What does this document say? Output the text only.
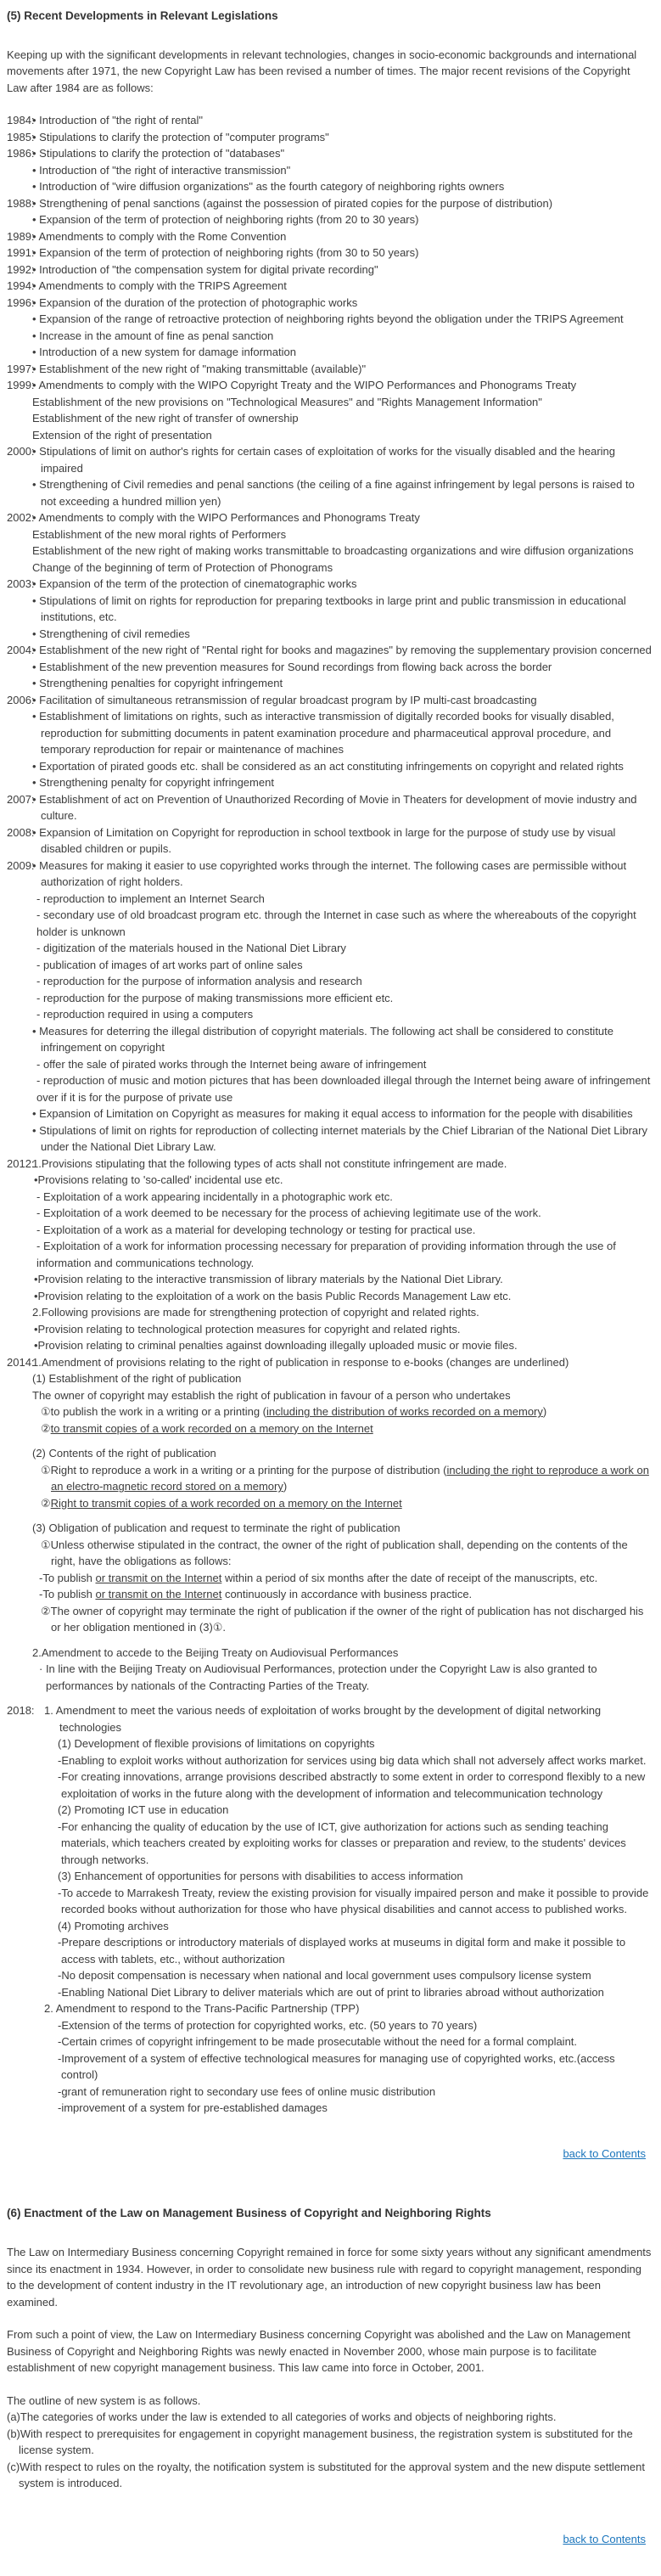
(5) Recent Developments in Relevant Legislations

Keeping up with the significant developments in relevant technologies, changes in socio-economic backgrounds and international movements after 1971, the new Copyright Law has been revised a number of times. The major recent revisions of the Copyright Law after 1984 are as follows:

1984:
• Introduction of "the right of rental"
1985:
• Stipulations to clarify the protection of "computer programs"
1986:
• Stipulations to clarify the protection of "databases"
• Introduction of "the right of interactive transmission"
• Introduction of "wire diffusion organizations" as the fourth category of neighboring rights owners
1988:
• Strengthening of penal sanctions (against the possession of pirated copies for the purpose of distribution)
• Expansion of the term of protection of neighboring rights (from 20 to 30 years)
1989:
• Amendments to comply with the Rome Convention
1991:
• Expansion of the term of protection of neighboring rights (from 30 to 50 years)
1992:
• Introduction of "the compensation system for digital private recording"
1994:
• Amendments to comply with the TRIPS Agreement
1996:
• Expansion of the duration of the protection of photographic works
• Expansion of the range of retroactive protection of neighboring rights beyond the obligation under the TRIPS Agreement
• Increase in the amount of fine as penal sanction
• Introduction of a new system for damage information
1997:
• Establishment of the new right of "making transmittable (available)"
1999:
• Amendments to comply with the WIPO Copyright Treaty and the WIPO Performances and Phonograms Treaty
Establishment of the new provisions on "Technological Measures" and "Rights Management Information"
Establishment of the new right of transfer of ownership
Extension of the right of presentation
2000:
• Stipulations of limit on author's rights for certain cases of exploitation of works for the visually disabled and the hearing impaired
• Strengthening of Civil remedies and penal sanctions (the ceiling of a fine against infringement by legal persons is raised to not exceeding a hundred million yen)
2002:
• Amendments to comply with the WIPO Performances and Phonograms Treaty
Establishment of the new moral rights of Performers
Establishment of the new right of making works transmittable to broadcasting organizations and wire diffusion organizations
Change of the beginning of term of Protection of Phonograms
2003:
• Expansion of the term of the protection of cinematographic works
• Stipulations of limit on rights for reproduction for preparing textbooks in large print and public transmission in educational institutions, etc.
• Strengthening of civil remedies
2004:
• Establishment of the new right of "Rental right for books and magazines" by removing the supplementary provision concerned
• Establishment of the new prevention measures for Sound recordings from flowing back across the border
• Strengthening penalties for copyright infringement
2006:
• Facilitation of simultaneous retransmission of regular broadcast program by IP multi-cast broadcasting
• Establishment of limitations on rights, such as interactive transmission of digitally recorded books for visually disabled, reproduction for submitting documents in patent examination procedure and pharmaceutical approval procedure, and temporary reproduction for repair or maintenance of machines
• Exportation of pirated goods etc. shall be considered as an act constituting infringements on copyright and related rights
• Strengthening penalty for copyright infringement
2007:
• Establishment of act on Prevention of Unauthorized Recording of Movie in Theaters for development of movie industry and culture.
2008:
• Expansion of Limitation on Copyright for reproduction in school textbook in large for the purpose of study use by visual disabled children or pupils.
2009:
• Measures for making it easier to use copyrighted works through the internet. The following cases are permissible without authorization of right holders.
- reproduction to implement an Internet Search
- secondary use of old broadcast program etc. through the Internet in case such as where the whereabouts of the copyright holder is unknown
- digitization of the materials housed in the National Diet Library
- publication of images of art works part of online sales
- reproduction for the purpose of information analysis and research
- reproduction for the purpose of making transmissions more efficient etc.
- reproduction required in using a computers
• Measures for deterring the illegal distribution of copyright materials. The following act shall be considered to constitute infringement on copyright
- offer the sale of pirated works through the Internet being aware of infringement
- reproduction of music and motion pictures that has been downloaded illegal through the Internet being aware of infringement over if it is for the purpose of private use
• Expansion of Limitation on Copyright as measures for making it equal access to information for the people with disabilities
• Stipulations of limit on rights for reproduction of collecting internet materials by the Chief Librarian of the National Diet Library under the National Diet Library Law.
2012:
1.Provisions stipulating that the following types of acts shall not constitute infringement are made.
•Provisions relating to 'so-called' incidental use etc.
- Exploitation of a work appearing incidentally in a photographic work etc.
- Exploitation of a work deemed to be necessary for the process of achieving legitimate use of the work.
- Exploitation of a work as a material for developing technology or testing for practical use.
- Exploitation of a work for information processing necessary for preparation of providing information through the use of information and communications technology.
•Provision relating to the interactive transmission of library materials by the National Diet Library.
•Provision relating to the exploitation of a work on the basis Public Records Management Law etc.
2.Following provisions are made for strengthening protection of copyright and related rights.
•Provision relating to technological protection measures for copyright and related rights.
•Provision relating to criminal penalties against downloading illegally uploaded music or movie files.
2014:
1.Amendment of provisions relating to the right of publication in response to e-books (changes are underlined)
(1) Establishment of the right of publication
The owner of copyright may establish the right of publication in favour of a person who undertakes
①to publish the work in a writing or a printing (including the distribution of works recorded on a memory)
②to transmit copies of a work recorded on a memory on the Internet
(2) Contents of the right of publication
①Right to reproduce a work in a writing or a printing for the purpose of distribution (including the right to reproduce a work on an electro-magnetic record stored on a memory)
②Right to transmit copies of a work recorded on a memory on the Internet
(3) Obligation of publication and request to terminate the right of publication
①Unless otherwise stipulated in the contract, the owner of the right of publication shall, depending on the contents of the right, have the obligations as follows:
-To publish or transmit on the Internet within a period of six months after the date of receipt of the manuscripts, etc.
-To publish or transmit on the Internet continuously in accordance with business practice.
②The owner of copyright may terminate the right of publication if the owner of the right of publication has not discharged his or her obligation mentioned in (3)①.
2.Amendment to accede to the Beijing Treaty on Audiovisual Performances
· In line with the Beijing Treaty on Audiovisual Performances, protection under the Copyright Law is also granted to performances by nationals of the Contracting Parties of the Treaty.
2018: 1. Amendment to meet the various needs of exploitation of works brought by the development of digital networking technologies
(1) Development of flexible provisions of limitations on copyrights
-Enabling to exploit works without authorization for services using big data which shall not adversely affect works market.
-For creating innovations, arrange provisions described abstractly to some extent in order to correspond flexibly to a new exploitation of works in the future along with the development of information and telecommunication technology
(2) Promoting ICT use in education
-For enhancing the quality of education by the use of ICT, give authorization for actions such as sending teaching materials, which teachers created by exploiting works for classes or preparation and review, to the students' devices through networks.
(3) Enhancement of opportunities for persons with disabilities to access information
-To accede to Marrakesh Treaty, review the existing provision for visually impaired person and make it possible to provide recorded books without authorization for those who have physical disabilities and cannot access to published works.
(4) Promoting archives
-Prepare descriptions or introductory materials of displayed works at museums in digital form and make it possible to access with tablets, etc., without authorization
-No deposit compensation is necessary when national and local government uses compulsory license system
-Enabling National Diet Library to deliver materials which are out of print to libraries abroad without authorization
2. Amendment to respond to the Trans-Pacific Partnership (TPP)
-Extension of the terms of protection for copyrighted works, etc. (50 years to 70 years)
-Certain crimes of copyright infringement to be made prosecutable without the need for a formal complaint.
-Improvement of a system of effective technological measures for managing use of copyrighted works, etc.(access control)
-grant of remuneration right to secondary use fees of online music distribution
-improvement of a system for pre-established damages
back to Contents
(6) Enactment of the Law on Management Business of Copyright and Neighboring Rights

The Law on Intermediary Business concerning Copyright remained in force for some sixty years without any significant amendments since its enactment in 1934. However, in order to consolidate new business rule with regard to copyright management, responding to the development of content industry in the IT revolutionary age, an introduction of new copyright business law has been examined.

From such a point of view, the Law on Intermediary Business concerning Copyright was abolished and the Law on Management Business of Copyright and Neighboring Rights was newly enacted in November 2000, whose main purpose is to facilitate establishment of new copyright management business. This law came into force in October, 2001.

The outline of new system is as follows.

(a)The categories of works under the law is extended to all categories of works and objects of neighboring rights.
(b)With respect to prerequisites for engagement in copyright management business, the registration system is substituted for the license system.
(c)With respect to rules on the royalty, the notification system is substituted for the approval system and the new dispute settlement system is introduced.
back to Contents
